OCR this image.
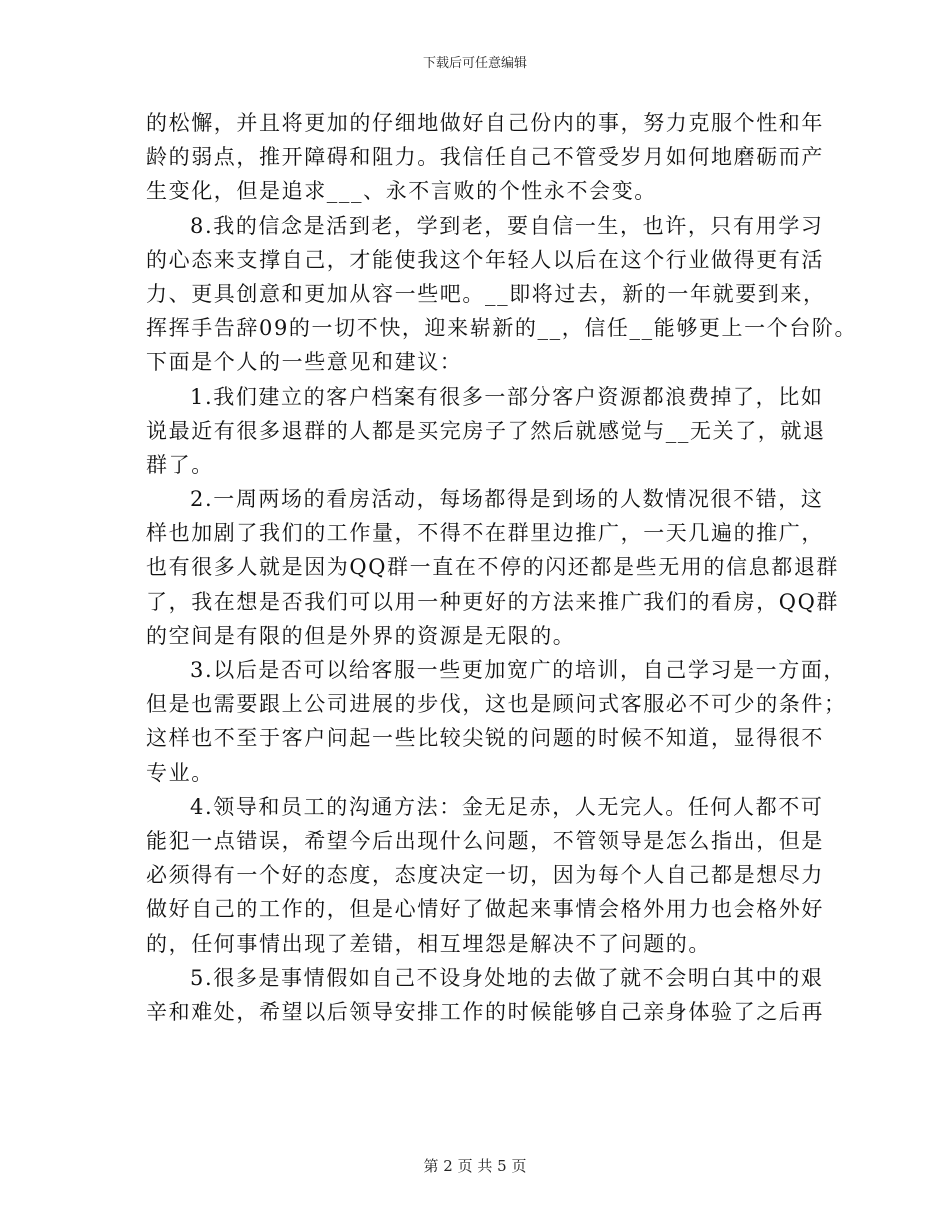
下载后可任意编辑
的松懈，并且将更加的仔细地做好自己份内的事，努力克服个性和年
龄的弱点，推开障碍和阻力。我信任自己不管受岁月如何地磨砺而产
生变化，但是追求___、永不言败的个性永不会变。
8.我的信念是活到老，学到老，要自信一生，也许，只有用学习
的心态来支撑自己，才能使我这个年轻人以后在这个行业做得更有活
力、更具创意和更加从容一些吧。__即将过去，新的一年就要到来，
挥挥手告辞09的一切不快，迎来崭新的__，信任__能够更上一个台阶。
下面是个人的一些意见和建议：
1.我们建立的客户档案有很多一部分客户资源都浪费掉了，比如
说最近有很多退群的人都是买完房子了然后就感觉与__无关了，就退
群了。
2.一周两场的看房活动，每场都得是到场的人数情况很不错，这
样也加剧了我们的工作量，不得不在群里边推广，一天几遍的推广，
也有很多人就是因为QQ群一直在不停的闪还都是些无用的信息都退群
了，我在想是否我们可以用一种更好的方法来推广我们的看房，QQ群
的空间是有限的但是外界的资源是无限的。
3.以后是否可以给客服一些更加宽广的培训，自己学习是一方面，
但是也需要跟上公司进展的步伐，这也是顾问式客服必不可少的条件；
这样也不至于客户问起一些比较尖锐的问题的时候不知道，显得很不
专业。
4.领导和员工的沟通方法：金无足赤，人无完人。任何人都不可
能犯一点错误，希望今后出现什么问题，不管领导是怎么指出，但是
必须得有一个好的态度，态度决定一切，因为每个人自己都是想尽力
做好自己的工作的，但是心情好了做起来事情会格外用力也会格外好
的，任何事情出现了差错，相互埋怨是解决不了问题的。
5.很多是事情假如自己不设身处地的去做了就不会明白其中的艰
辛和难处，希望以后领导安排工作的时候能够自己亲身体验了之后再
第 2 页 共 5 页
